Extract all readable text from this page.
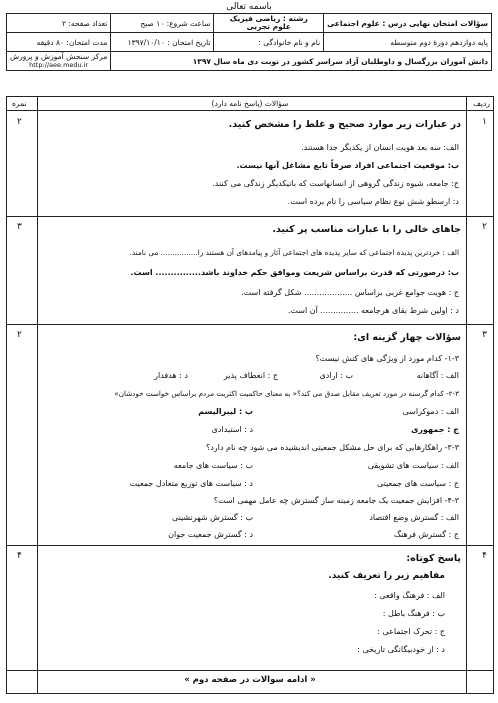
باسمه تعالی
سؤالات امتحان نهایی درس : علوم اجتماعی	رشته : ریاضی فیزیک
علوم تجربی	ساعت شروع: ۱۰ صبح	تعداد صفحه: ۲
پایه دوازدهم دورۀ دوم متوسطه	نام و نام خانوادگی :	تاریخ امتحان : ۱۳۹۷/۱۰/۱۰	مدت امتحان: ۸۰ دقیقه
دانش آموزان بزرگسال و داوطلبان آزاد سراسر کشور در نوبت دی ماه سال ۱۳۹۷			مرکز سنجش آموزش و پرورش
http://aee.medu.ir
ردیف
سؤالات (پاسخ نامه دارد)
نمره
۱
۲	در عبارات زیر موارد صحیح و غلط را مشخص کنید.
الف: سه بعد هویت انسان از یکدیگر جدا هستند.
ب: موقعیت اجتماعی افراد صرفاً تابع مشاغل آنها نیست.
ج: جامعه، شیوه زندگی گروهی از انسانهاست که باتیکدیگر زندگی می کنند.
د: ارسطو شش نوع نظام سیاسی را نام برده است.
۲
۳	جاهای خالی را با عبارات مناسب پر کنید.
الف : خردترین پدیده اجتماعی که سایر پدیده های اجتماعی آثار و پیامدهای آن هستند را................ می نامند.
ب: درصورتی که قدرت براساس شریعت وموافق حکم خداوند باشد............... است.
ج : هویت جوامع غربی براساس ................... شکل گرفته است.
د : اولین شرط بقای هرجامعه ............... آن است.
۳
۲	سؤالات چهار گزینه ای:
۱-۳- کدام مورد از ویژگی های کنش نیست؟
الف : آگاهانه
ب : ارادی
ج : انعطاف پذیر
د : هدفدار
۲-۳- کدام گرسنه در مورد تعریف مقابل صدق می کند؟« به معنای حاکمیت اکثریت مردم براساس خواست خودشان»
الف : دموکراسی
ب : لیبرالیسم
ج : جمهوری
د : استبدادی
۳-۳- راهکارهایی که برای حل مشکل جمعیتی اندیشیده می شود چه نام دارد؟
الف : سیاست های تشویقی
ب : سیاست های جامعه
ج : سیاست های جمعیتی
د : سیاست های توزیع متعادل جمعیت
۴-۳- افزایش جمعیت یک جامعه زمینه ساز گسترش چه عامل مهمی است؟
الف : گسترش وضع اقتصاد
ب : گسترش شهرنشینی
ج : گسترش فرهنگ
د : گسترش جمعیت جوان
۴
۴	پاسخ کوتاه:
مفاهیم زیر را تعریف کنید.
الف : فرهنگ واقعی :
ب : فرهنگ باطل :
ج : تحرک اجتماعی :
د : از خودبیگانگی تاریخی :
« ادامه سوالات در صفحه دوم »
